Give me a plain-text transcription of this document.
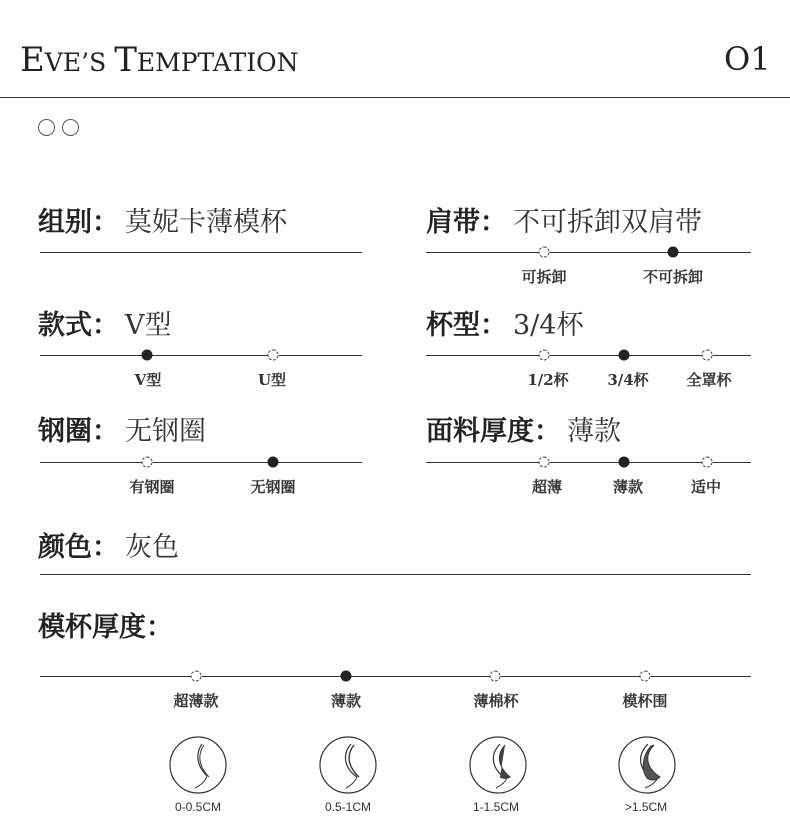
EVE’S TEMPTATION	O1
组别： 莫妮卡薄模杯	肩带： 不可拆卸双肩带
可拆卸	不可拆卸
款式： V型
V型	U型
杯型： 3/4杯
1/2杯	3/4杯	全罩杯
钢圈： 无钢圈
有钢圈	无钢圈
面料厚度： 薄款
超薄	薄款	适中
颜色： 灰色
模杯厚度：
超薄款	薄款	薄棉杯	模杯围
0-0.5CM	0.5-1CM	1-1.5CM	>1.5CM
